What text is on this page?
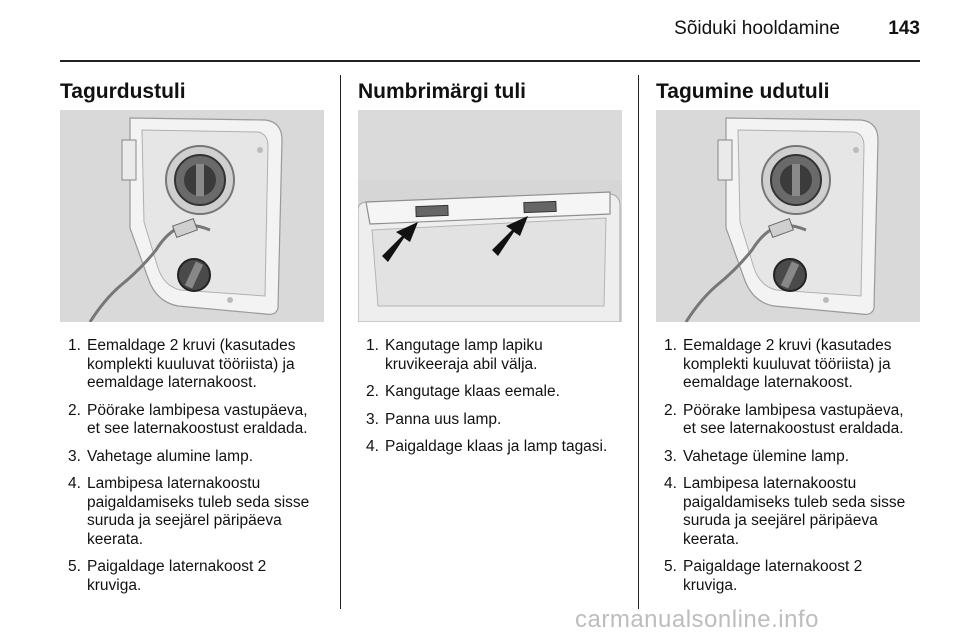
Sõiduki hooldamine	143
Tagurdustuli
1. Eemaldage 2 kruvi (kasutades komplekti kuuluvat tööriista) ja eemaldage laternakoost.
2. Pöörake lambipesa vastupäeva, et see laternakoostust eraldada.
3. Vahetage alumine lamp.
4. Lambipesa laternakoostu paigaldamiseks tuleb seda sisse suruda ja seejärel päripäeva keerata.
5. Paigaldage laternakoost 2 kruviga.
Numbrimärgi tuli
1. Kangutage lamp lapiku kruvikeeraja abil välja.
2. Kangutage klaas eemale.
3. Panna uus lamp.
4. Paigaldage klaas ja lamp tagasi.
Tagumine udutuli
1. Eemaldage 2 kruvi (kasutades komplekti kuuluvat tööriista) ja eemaldage laternakoost.
2. Pöörake lambipesa vastupäeva, et see laternakoostust eraldada.
3. Vahetage ülemine lamp.
4. Lambipesa laternakoostu paigaldamiseks tuleb seda sisse suruda ja seejärel päripäeva keerata.
5. Paigaldage laternakoost 2 kruviga.
carmanualsonline.info
